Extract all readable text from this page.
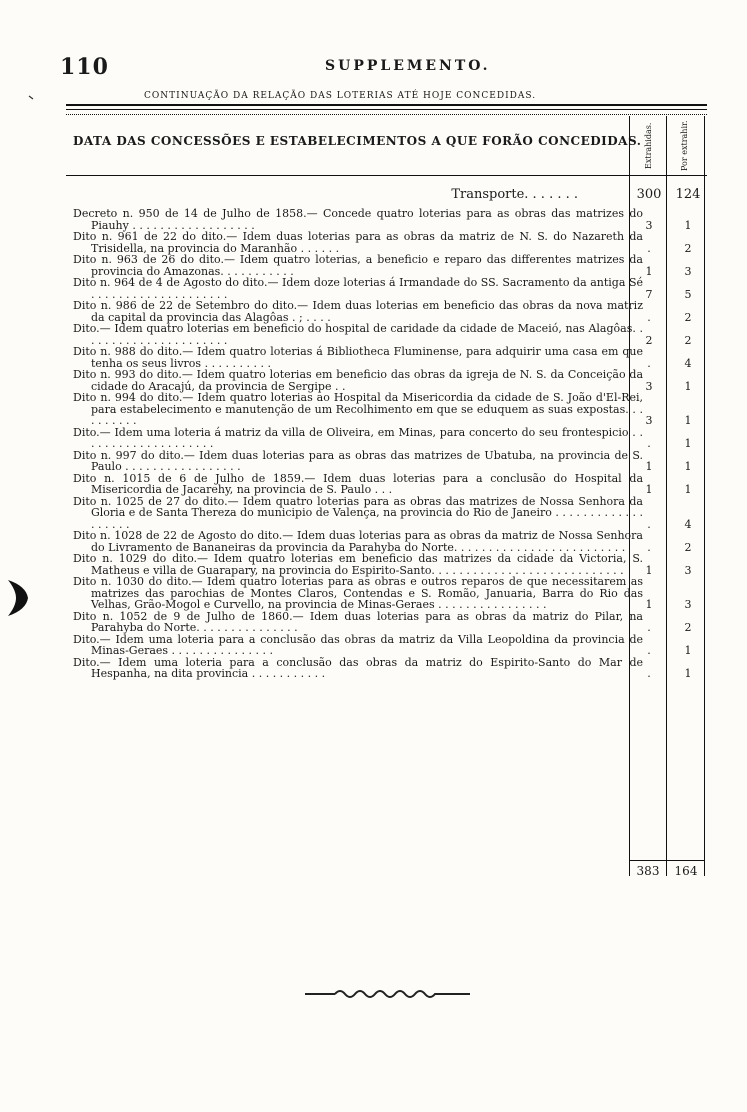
110	SUPPLEMENTO.
CONTINUAÇÃO DA RELAÇÃO DAS LOTERIAS ATÉ HOJE CONCEDIDAS.
DATA DAS CONCESSÕES E ESTABELECIMENTOS A QUE FORÃO CONCEDIDAS. Extrahidas.	Por extrahir.
Transporte. . . . . . .	300	124
Decreto n. 950 de 14 de Julho de 1858.— Concede quatro loterias para as obras das matrizes do Piauhy . . . . . . . . . . . . . . . . . .	3	1
Dito n. 961 de 22 do dito.— Idem duas loterias para as obras da matriz de N. S. do Nazareth da Trisidella, na provincia do Maranhão . . . . . .	.	2
Dito n. 963 de 26 do dito.— Idem quatro loterias, a beneficio e reparo das differentes matrizes da provincia do Amazonas. . . . . . . . . . .	1	3
Dito n. 964 de 4 de Agosto do dito.— Idem doze loterias á Irmandade do SS. Sacramento da antiga Sé . . . . . . . . . . . . . . . . . . . .	7	5
Dito n. 986 de 22 de Setembro do dito.— Idem duas loterias em beneficio das obras da nova matriz da capital da provincia das Alagôas . ; . . . .	.	2
Dito.— Idem quatro loterias em beneficio do hospital de caridade da cidade de Maceió, nas Alagôas. . . . . . . . . . . . . . . . . . . . . .	2	2
Dito n. 988 do dito.— Idem quatro loterias á Bibliotheca Fluminense, para adquirir uma casa em que tenha os seus livros . . . . . . . . . .	.	4
Dito n. 993 do dito.— Idem quatro loterias em beneficio das obras da igreja de N. S. da Conceição da cidade do Aracajú, da provincia de Sergipe . .	3	1
Dito n. 994 do dito.— Idem quatro loterias ao Hospital da Misericordia da cidade de S. João d'El-Rei, para estabelecimento e manutenção de um Recolhimento em que se eduquem as suas expostas. . . . . . . . . .	3	1
Dito.— Idem uma loteria á matriz da villa de Oliveira, em Minas, para concerto do seu frontespicio . . . . . . . . . . . . . . . . . . . .	.	1
Dito n. 997 do dito.— Idem duas loterias para as obras das matrizes de Ubatuba, na provincia de S. Paulo . . . . . . . . . . . . . . . . .	1	1
Dito n. 1015 de 6 de Julho de 1859.— Idem duas loterias para a conclusão do Hospital da Misericordia de Jacarehy, na provincia de S. Paulo . . .	1	1
Dito n. 1025 de 27 do dito.— Idem quatro loterias para as obras das matrizes de Nossa Senhora da Gloria e de Santa Thereza do municipio de Valença, na provincia do Rio de Janeiro . . . . . . . . . . . . . . . . . . .	.	4
Dito n. 1028 de 22 de Agosto do dito.— Idem duas loterias para as obras da matriz de Nossa Senhora do Livramento de Bananeiras da provincia da Parahyba do Norte. . . . . . . . . . . . . . . . . . . . . . . . .	.	2
Dito n. 1029 do dito.— Idem quatro loterias em beneficio das matrizes da cidade da Victoria, S. Matheus e villa de Guarapary, na provincia do Espirito-Santo. . . . . . . . . . . . . . . . . . . . . . . . . . . .	1	3
Dito n. 1030 do dito.— Idem quatro loterias para as obras e outros reparos de que necessitarem as matrizes das parochias de Montes Claros, Contendas e S. Romão, Januaria, Barra do Rio das Velhas, Grão-Mogol e Curvello, na provincia de Minas-Geraes . . . . . . . . . . . . . . . .	1	3
Dito n. 1052 de 9 de Julho de 1860.— Idem duas loterias para as obras da matriz do Pilar, na Parahyba do Norte. . . . . . . . . . . . . . .	.	2
Dito.— Idem uma loteria para a conclusão das obras da matriz da Villa Leopoldina da provincia de Minas-Geraes . . . . . . . . . . . . . . .	.	1
Dito.— Idem uma loteria para a conclusão das obras da matriz do Espirito-Santo do Mar de Hespanha, na dita provincia . . . . . . . . . . .	.	1
383	164
